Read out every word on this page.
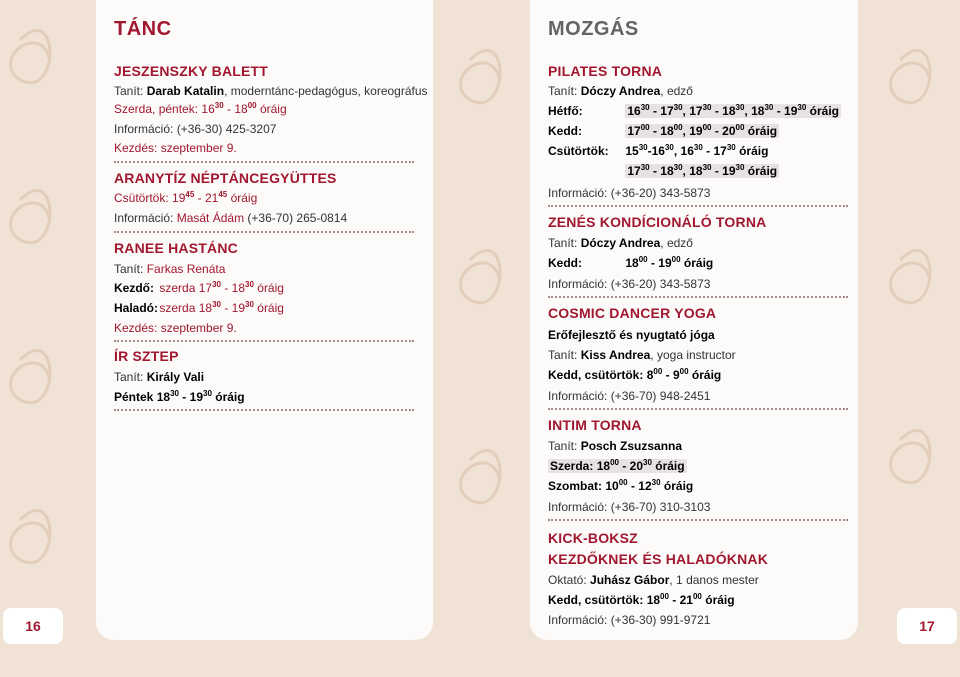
16	17
TÁNC
JESZENSZKY BALETT
Tanít: Darab Katalin, moderntánc-pedagógus, koreográfus
Szerda, péntek: $16^{30} - 18^{00}$ óráig
Információ: (+36-30) 425-3207
Kezdés: szeptember 9.
ARANYTÍZ NÉPTÁNCEGYÜTTES
Csütörtök: $19^{45} - 21^{45}$ óráig
Információ: Masát Ádám (+36-70) 265-0814
RANEE HASTÁNC
Tanít: Farkas Renáta
Kezdő: szerda $17^{30} - 18^{30}$ óráig
Haladó: szerda $18^{30} - 19^{30}$ óráig
Kezdés: szeptember 9.
ÍR SZTEP
Tanít: Király Vali
Péntek $18^{30} - 19^{30}$ óráig
MOZGÁS
PILATES TORNA
Tanít: Dóczy Andrea, edző
Hétfő:	$16^{30} - 17^{30}$, $17^{30} - 18^{30}$, $18^{30} - 19^{30}$ óráig
Kedd:	$17^{00} - 18^{00}$, $19^{00} - 20^{00}$ óráig
Csütörtök: $15^{30}-16^{30}$, $16^{30} - 17^{30}$ óráig
$17^{30} - 18^{30}$, $18^{30} - 19^{30}$ óráig
Információ: (+36-20) 343-5873
ZENÉS KONDÍCIONÁLÓ TORNA
Tanít: Dóczy Andrea, edző
Kedd:	$18^{00} - 19^{00}$ óráig
Információ: (+36-20) 343-5873
COSMIC DANCER YOGA
Erőfejlesztő és nyugtató jóga
Tanít: Kiss Andrea, yoga instructor
Kedd, csütörtök: $8^{00} - 9^{00}$ óráig
Információ: (+36-70) 948-2451
INTIM TORNA
Tanít: Posch Zsuzsanna
Szerda: $18^{00} - 20^{30}$ óráig
Szombat: $10^{00} - 12^{30}$ óráig
Információ: (+36-70) 310-3103
KICK-BOKSZ
KEZDŐKNEK ÉS HALADÓKNAK
Oktató: Juhász Gábor, 1 danos mester
Kedd, csütörtök: $18^{00} - 21^{00}$ óráig
Információ: (+36-30) 991-9721
